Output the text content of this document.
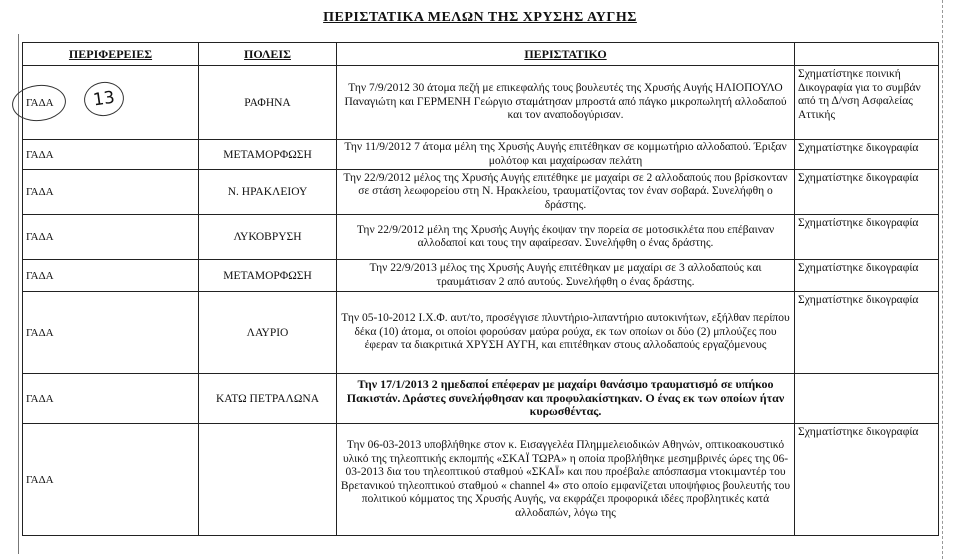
ΠΕΡΙΣΤΑΤΙΚΑ ΜΕΛΩΝ ΤΗΣ ΧΡΥΣΗΣ ΑΥΓΗΣ
ΠΕΡΙΦΕΡΕΙΕΣ	ΠΟΛΕΙΣ	ΠΕΡΙΣΤΑΤΙΚΟ	
ΓΑΔΑ	ΡΑΦΗΝΑ	Την 7/9/2012 30 άτομα πεζή με επικεφαλής τους βουλευτές της Χρυσής Αυγής ΗΛΙΟΠΟΥΛΟ Παναγιώτη και ΓΕΡΜΕΝΗ Γεώργιο σταμάτησαν μπροστά από πάγκο μικροπωλητή αλλοδαπού και τον αναποδογύρισαν.	Σχηματίστηκε ποινική Δικογραφία για το συμβάν από τη Δ/νση Ασφαλείας Αττικής
ΓΑΔΑ	ΜΕΤΑΜΟΡΦΩΣΗ	Την 11/9/2012 7 άτομα μέλη της Χρυσής Αυγής επιτέθηκαν σε κομμωτήριο αλλοδαπού. Έριξαν μολότοφ και μαχαίρωσαν πελάτη	Σχηματίστηκε δικογραφία
ΓΑΔΑ	Ν. ΗΡΑΚΛΕΙΟΥ	Την 22/9/2012 μέλος της Χρυσής Αυγής επιτέθηκε με μαχαίρι σε 2 αλλοδαπούς που βρίσκονταν σε στάση λεωφορείου στη Ν. Ηρακλείου, τραυματίζοντας τον έναν σοβαρά. Συνελήφθη ο δράστης.	Σχηματίστηκε δικογραφία
ΓΑΔΑ	ΛΥΚΟΒΡΥΣΗ	Την 22/9/2012 μέλη της Χρυσής Αυγής έκοψαν την πορεία σε μοτοσικλέτα που επέβαιναν αλλοδαποί και τους την αφαίρεσαν. Συνελήφθη ο ένας δράστης.	Σχηματίστηκε δικογραφία
ΓΑΔΑ	ΜΕΤΑΜΟΡΦΩΣΗ	Την 22/9/2013 μέλος της Χρυσής Αυγής επιτέθηκαν με μαχαίρι σε 3 αλλοδαπούς και τραυμάτισαν 2 από αυτούς. Συνελήφθη ο ένας δράστης.	Σχηματίστηκε δικογραφία
ΓΑΔΑ	ΛΑΥΡΙΟ	Την 05-10-2012 Ι.Χ.Φ. αυτ/το, προσέγγισε πλυντήριο-λιπαντήριο αυτοκινήτων, εξήλθαν περίπου δέκα (10) άτομα, οι οποίοι φορούσαν μαύρα ρούχα, εκ των οποίων οι δύο (2) μπλούζες που έφεραν τα διακριτικά ΧΡΥΣΗ ΑΥΓΗ, και επιτέθηκαν στους αλλοδαπούς εργαζόμενους	Σχηματίστηκε δικογραφία
ΓΑΔΑ	ΚΑΤΩ ΠΕΤΡΑΛΩΝΑ	Την 17/1/2013 2 ημεδαποί επέφεραν με μαχαίρι θανάσιμο τραυματισμό σε υπήκοο Πακιστάν. Δράστες συνελήφθησαν και προφυλακίστηκαν. Ο ένας εκ των οποίων ήταν κυρωσθέντας.	
ΓΑΔΑ		Την 06-03-2013 υποβλήθηκε στον κ. Εισαγγελέα Πλημμελειοδικών Αθηνών, οπτικοακουστικό υλικό της τηλεοπτικής εκπομπής «ΣΚΑΪ ΤΩΡΑ» η οποία προβλήθηκε μεσημβρινές ώρες της 06-03-2013 δια του τηλεοπτικού σταθμού «ΣΚΑΪ» και που προέβαλε απόσπασμα ντοκιμαντέρ του Βρετανικού τηλεοπτικού σταθμού « channel 4» στο οποίο εμφανίζεται υποψήφιος βουλευτής του πολιτικού κόμματος της Χρυσής Αυγής, να εκφράζει προφορικά ιδέες προβλητικές κατά αλλοδαπών, λόγω της	Σχηματίστηκε δικογραφία
13
